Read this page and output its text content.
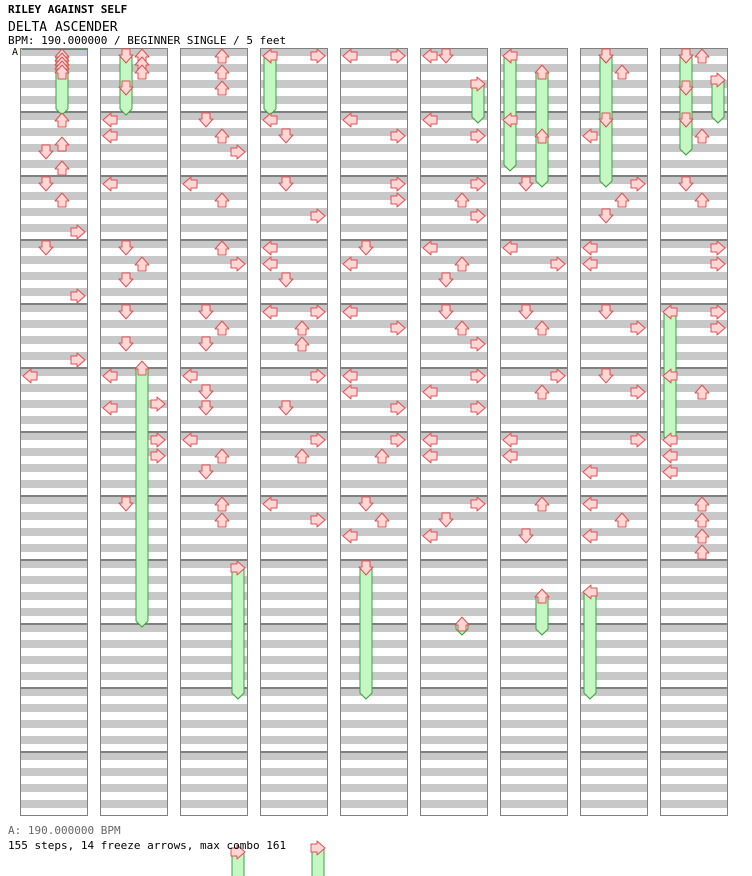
RILEY AGAINST SELF
DELTA ASCENDER
BPM: 190.000000 / BEGINNER SINGLE / 5 feet
A
A: 190.000000 BPM
155 steps, 14 freeze arrows, max combo 161
